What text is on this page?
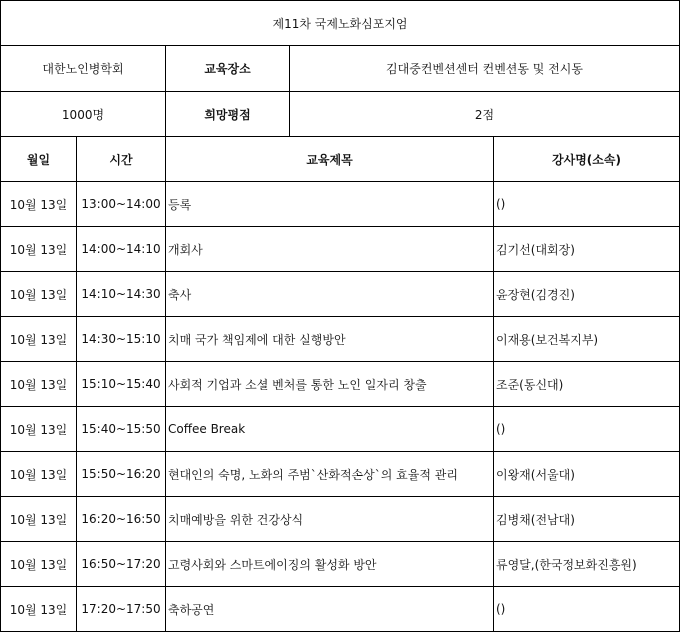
제11차 국제노화심포지엄				
대한노인병학회		교육장소	김대중컨벤션센터 컨벤션동 및 전시동	
1000명		희망평점	2점	
월일	시간	교육제목		강사명(소속)
10월 13일	13:00~14:00	등록		()
10월 13일	14:00~14:10	개회사		김기선(대회장)
10월 13일	14:10~14:30	축사		윤장현(김경진)
10월 13일	14:30~15:10	치매 국가 책임제에 대한 실행방안		이재용(보건복지부)
10월 13일	15:10~15:40	사회적 기업과 소셜 벤처를 통한 노인 일자리 창출		조준(동신대)
10월 13일	15:40~15:50	Coffee Break		()
10월 13일	15:50~16:20	현대인의 숙명, 노화의 주범`산화적손상`의 효율적 관리		이왕재(서울대)
10월 13일	16:20~16:50	치매예방을 위한 건강상식		김병채(전남대)
10월 13일	16:50~17:20	고령사회와 스마트에이징의 활성화 방안		류영달,(한국정보화진흥원)
10월 13일	17:20~17:50	축하공연		()
